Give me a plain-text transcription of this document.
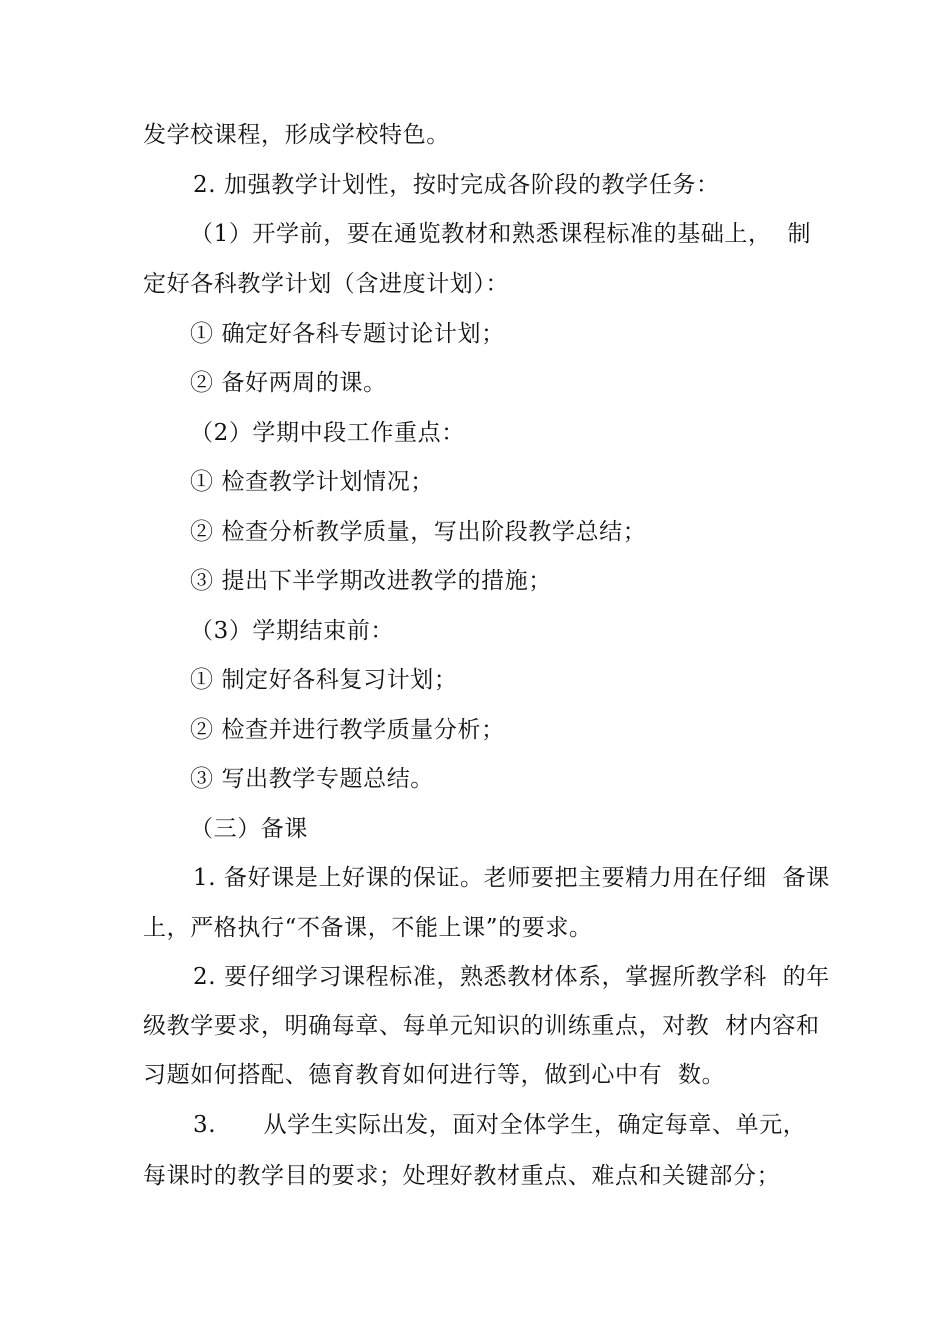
发学校课程，形成学校特色。
2. 加强教学计划性，按时完成各阶段的教学任务：
（1）开学前，要在通览教材和熟悉课程标准的基础上，  制
定好各科教学计划（含进度计划）：
① 确定好各科专题讨论计划；
② 备好两周的课。
（2）学期中段工作重点：
① 检查教学计划情况；
② 检查分析教学质量，写出阶段教学总结；
③ 提出下半学期改进教学的措施；
（3）学期结束前：
① 制定好各科复习计划；
② 检查并进行教学质量分析；
③ 写出教学专题总结。
（三）备课
1. 备好课是上好课的保证。老师要把主要精力用在仔细  备课
上，严格执行“不备课，不能上课”的要求。
2. 要仔细学习课程标准，熟悉教材体系，掌握所教学科  的年
级教学要求，明确每章、每单元知识的训练重点，对教  材内容和
习题如何搭配、德育教育如何进行等，做到心中有  数。
3.      从学生实际出发，面对全体学生，确定每章、单元，
每课时的教学目的要求；处理好教材重点、难点和关键部分；
